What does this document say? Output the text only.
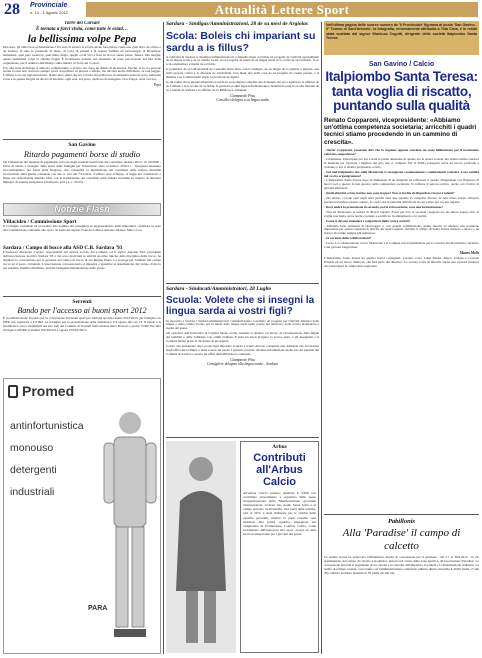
28 Provinciale
n. 14 - 1 Agosto 2012	Attualità Lettere Sport
Torre dei Corsari
È tornata a farci visita, come tutte le estati…
la bellissima volpe Pepa

Del resto, gli amici non si dimenticano! Un paio di anni fa si è fatta anche fotografare come una gran diva, da vicino e da lontano, in tutte le posizioni: di muso, di coda, di palazzi e di cenere. Sembra un personaggio di Broadway, bellissima, quel pelo rossiccio, quel muso lungo, quegli occhi vivi e fissi su di noi, senza paura. Tenera, mia moglie, questa bellissima volpe la chiama Peppa. È ricomparsa quando, nel momento di cena, percorrendo dal lato della vegetazione, per il sentiero dell'albergo sulla sinistra di Torre dei Corsari.

Poi, alla vista di Simopi ci amiocio complicatelle, e il fatto via, dopo un attimo di incertezza. Perché, si sa, tra persone strette io esse non ricevono sempre cuore dovrebbero in piacere e affetto, ma talvolta anche diffidenza, se non peggio. L'affetto io la sua ragionevolezza. Siamo però amici che lei, la bella dai pelli/rossi, ricomparirà quasi di certo, nell'anno corso e in questo moglie ha deciso di lasciarle, ogni sera, sul prato, qualcosa da mangiare. Ciao Peppa, resta con noi.

Pepa
San Gavino
Ritardo pagamenti borse di studio

Per l'emissione dei mandati di pagamento la borsa degli studenti beneficiari del contributo relativo alla L. N. 62/2000 - borse di studio a sostegno della spesa delle famiglie per l'istruzione, anno scolastico 2010/11 - bisognerà attendere l'accreditamento dei fondi della Regione, che consentirà la liquidazione dei contributi nella misura massima riconosciuta dalla giunta comunale con atto n. 212 del 7/12/2011. L'ufficio area sviluppo, si legge nel comunicato a firma del responsabile Daniele Oras con la liquidazione dei contributi nella misura massima in seguito di ulteriore impegno di somme integrative (di importo pari a L.c. 25/93).

Notizie Flash
Villacidro / Commissione Sport
Il Consiglio comunale ha proceduto alla nomina dei consiglieri in rappresentanza della minoranza consiliare in seno alla Commissione comunale allo sport. Si tratta dei signori Francesco Mura, Antonio Silanos, Marco Lao.
Sardara / Campo di bocce alla ASD C.B. Sardara '93
L'assessore Pierpaolo Corrias, responsabile del settore sociale del Comune, ed il signor Antonio Pira, presidente dell'associazione sportiva Sardara '93 e cui sono praticanti le attività sportive tipiche della disciplina delle bocce, ha stipulato la convenzione per la gestione del campo di bocce di via Regina Elena. La proroga per l'utilizzo del campo bocce ed il parco comunale. L'associazione concessionaria si impegna a garantire la sistemazione del campo di gioco per renderlo fruibile all'utilizzo, nonché l'adeguata manutenzione dello stesso.
Serrenti
Bando per l'accesso ai buoni sport 2012
È in pubblicazione il bando per la concessione dei buoni sport per l'attività sportiva annua 2012/2013, per famiglie con ISEE non superiore a € 8.000. La scadenza per la presentazione delle domande è il 6 agosto alle ore 13. Il bando e la modulistica sono consultabili nel sito web del Comune di Serrenti nella sezione Albo Pretorio e presso l'URP. Per info rivolgersi all'URP ai numeri 070/9519212 oppure 070/9519213.
Promed
antinfortunistica
monouso
detergenti
industriali
PARA
Sardara - Sindigas/Amministrazioni, 28 de su mesi de Argiolas
Scola: Boleis chi impariant su sardu a is fillus?

A s'abbiani in Sardara is Sindigas/Amministradoris comunalis hiant conciliau un progettu de s'attività specialmenti de su lingua sarda e de sa cultura locali, in su progettu de tutela de sa lingua sarda in is scolas de su territoriu, in sa scola elementare e media de sa bidda.

Is ponnidori de sa Universidadi de Casteddu hiant fattu, cun is sindigas, de su lingua de is pippius e pippias, una bella propria contra a is diversus de s'atrividadi. Issu hiant una bella cosa de su progettu de s'annu passau, e is maistus e su Comuni hiant pigau sa decisioni de sighiri.

Is chi bolint chi is pippius imparint su sardu in scola depint compilai una domanda chi ant a agattai in is ufficius de su Comuni o in is scolas de sa bidda. Is genitoris podint pigai informatzionis e bennint de prus in su situ internet de su Comuni de Sardara e is ufficius de sa Biblioteca comunali.

Giampaolo Pisu
Consilleri delegau a sa lingua sarda
Sardara - Sindacati/Amministratori, 28 Luglio
Scuola: Volete che si insegni la lingua sarda ai vostri figli?

In riscontro a Sardara i Sindaci/Amministratori comunali hanno conciliato un progetto per l'attività didattica della lingua e della cultura locale, per la tutela della lingua sarda nelle scuole del territorio, nella scuola elementare e media del paese.

Gli operatori dell'Università di Cagliari hanno svolto, insieme ai sindaci, un lavoro di valorizzazione della lingua dei bambini e delle bambine, con ottimi risultati. È stato un buon progetto lo scorso anno, e gli insegnanti e il Comune hanno preso la decisione di proseguire.

Coloro che desiderano che i propri figli imparino il sardo a scuola devono compilare una domanda che troveranno negli uffici del Comune o nelle scuole del paese. I genitori possono ottenere informazioni anche sul sito internet del Comune di Sardara e presso gli uffici della Biblioteca comunale.

Giampaolo Pisu
Consigliere delegato alla lingua sarda – Sardara
Arbus
Contributi all'Arbus Calcio
All'Arbus Calcio saranno destinati € 3.000 con contributo straordinario a copertura delle spese d'organizzazione della 'Manifestazione' giovanile internazionale, svoltasi allo stadio Santa Sofia e al campo sportivo Sa Pranedda. Una parte della somma, pari al 50%, è stata utilizzata per le attività delle squadre giovanili, mentre la parte restante sarà destinata alla prima squadra, impegnata nel campionato di Promozione. L'Arbus Calcio, come sottolineato dall'assessore allo sport, svolge da anni un ruolo importante per i giovani del paese.
Nell'ultima pagina delle scorse numero de 'Il Provinciale' figurava al posto 'San Gavino - 3° Torneo di Sant'Antonio', la fotografia, erroneamente attribuita a Tota Cava, è in realtà stata scattata dal signor Gianluca Cogotti, dirigente della società Italpiombo Santa Teresa.
San Gavino / Calcio
Italpiombo Santa Teresa: tanta voglia di riscatto, puntando sulla qualità
Renato Copparoni, vicepresidente: «Abbiamo un'ottima competenza societaria; arricchiti i quadri tecnici stiamo procedendo in un cammino di crescita».

- Dottor Copparoni, possiamo dire che la stagione appena conclusa sia stata fallimentare per il movimento calcistico sangavinese?

- Certamente. Partecipare per noi è stata la prima delusione di quanto era la nostra società, ma stiamo rimboccandoci le maniche per riportare i migliori nel giro che ci compete. Per la Prima Categoria serve un lavoro profondo e costante, e noi ci stiamo preparando a farlo.

- Sul mal'Italpiombo che sulla Montevale si susseguono costantemente i cambiamenti societari. Cosa cambia nel vostro organigramma?

- L'Italpiombo Santa Teresa dopo le dimissioni di un dirigente ha rafforzato il quadro dirigenziale con l'ingresso di nuovi soci e questo fa ben sperare nella competenza societaria. Si rafforza il settore tecnico, anche con l'arrivo di giovani allenatori.

- Quali obiettivi a San Gavino non sono troppo? Non si rischia di disperdere risorse e talenti?

- Ho deciso, ci sono stati negli anni passati altre due squadre in categorie diverse, se non erano troppe all'epoca perché dovrebbero esserlo adesso. Io credo che la pluralità dell'offerta sia un valore per i nostri ragazzi.

- Dove andrà la promozione in seconda, poi la retrocessione, cosa non ha funzionato?

- Non ha funzionato la serietà di diversi ragazzi. Forse per loro la seconda categoria era un amore troppo alto: la voglia non basta, serve anche costanza e sacrificio, in allenamento e in partita.

- Come si devono attendere i sangavinesi dalla vostra società?

- Abbiamo fatto domanda di ripescaggio e, con grande soddisfazione, siamo riusciti ad ottenere una posizione importante per quanto riguarda le attività dei nostri ragazzi. Avremo il campo di Santa Teresa rimesso a nuovo e un settore giovanile sempre più numeroso.

- Ci saranno delle collaborazioni?

- Certo. La collaborazione con la Montevale e il Comune sarà fondamentale per la crescita del movimento calcistico e dei giovani sangavinesi.

Mauro Melis
L'Italpiombo Santa Teresa ha quattro nuovi consiglieri: Luciano Cara, Luigi Pitzeri, Marco Congiu e Corrado Piredda ed un nuovo direttore, che farà parte del direttivo. La società conta di allestire anche una squadra juniores che parteciperà al campionato regionale.
Pabillonis
Alla 'Paradise' il campo di calcetto
La Giunta Garau ha approvato l'affidamento diretto in concessione per la gestione - dal 5.7 al 30.9.2012 - in via sperimentale, del campo di calcetto e spogliatoi, ubicato nel centro della zona sportiva, all'associazione 'Paradise'. La concessione prevede il pagamento di un canone e la custodia dell'impianto, la pulizia e la manutenzione ordinaria. Le tariffe di utilizzo saranno concordate con l'amministrazione comunale: utilizzo diurno massimo € 40,00 (dalle 17 alle 20), utilizzo notturno massimo € 50 (dalle 20 alle 24).
